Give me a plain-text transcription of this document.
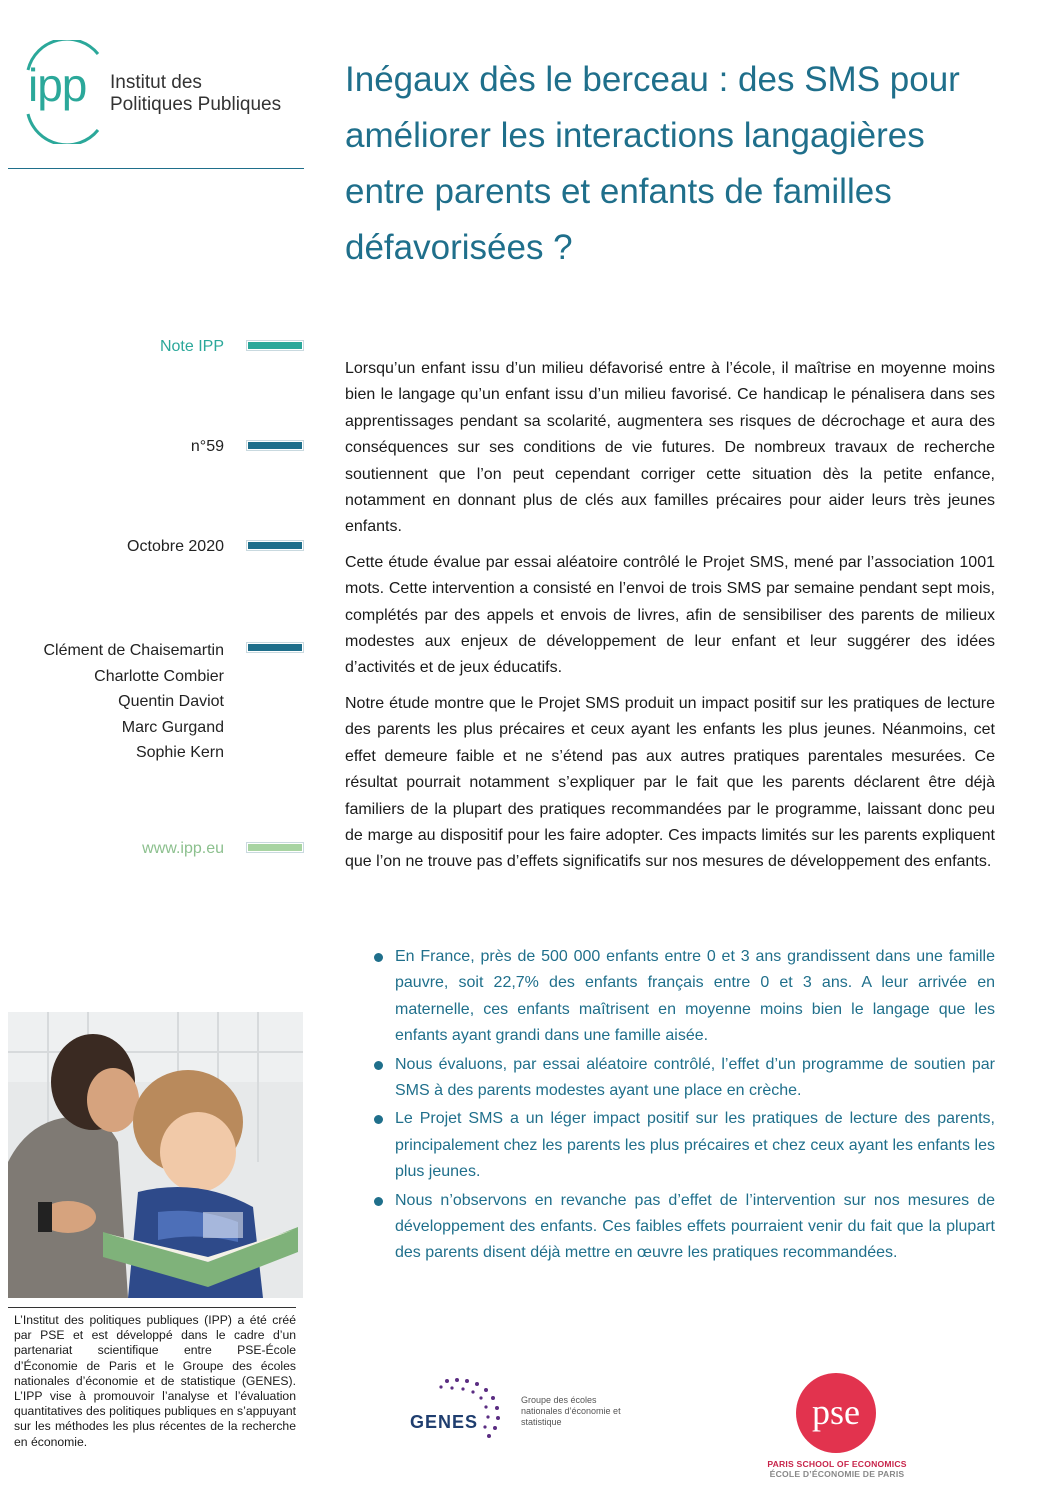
ipp Institut des
Politiques Publiques
Inégaux dès le berceau : des SMS pour améliorer les interactions langagières entre parents et enfants de familles défavorisées ?
Note IPP
n°59
Octobre 2020
Clément de Chaisemartin
Charlotte Combier
Quentin Daviot
Marc Gurgand
Sophie Kern
www.ipp.eu

Lorsqu’un enfant issu d’un milieu défavorisé entre à l’école, il maîtrise en moyenne moins bien le langage qu’un enfant issu d’un milieu favorisé. Ce handicap le pénalisera dans ses apprentissages pendant sa scolarité, augmentera ses risques de décrochage et aura des conséquences sur ses conditions de vie futures. De nombreux travaux de recherche soutiennent que l’on peut cependant corriger cette situation dès la petite enfance, notamment en donnant plus de clés aux familles précaires pour aider leurs très jeunes enfants.

Cette étude évalue par essai aléatoire contrôlé le Projet SMS, mené par l’association 1001 mots. Cette intervention a consisté en l’envoi de trois SMS par semaine pendant sept mois, complétés par des appels et envois de livres, afin de sensibiliser des parents de milieux modestes aux enjeux de développement de leur enfant et leur suggérer des idées d’activités et de jeux éducatifs.

Notre étude montre que le Projet SMS produit un impact positif sur les pratiques de lecture des parents les plus précaires et ceux ayant les enfants les plus jeunes. Néanmoins, cet effet demeure faible et ne s’étend pas aux autres pratiques parentales mesurées. Ce résultat pourrait notamment s’expliquer par le fait que les parents déclarent être déjà familiers de la plupart des pratiques recommandées par le programme, laissant donc peu de marge au dispositif pour les faire adopter. Ces impacts limités sur les parents expliquent que l’on ne trouve pas d’effets significatifs sur nos mesures de développement des enfants.

En France, près de 500 000 enfants entre 0 et 3 ans grandissent dans une famille pauvre, soit 22,7% des enfants français entre 0 et 3 ans. A leur arrivée en maternelle, ces enfants maîtrisent en moyenne moins bien le langage que les enfants ayant grandi dans une famille aisée.
Nous évaluons, par essai aléatoire contrôlé, l’effet d’un programme de soutien par SMS à des parents modestes ayant une place en crèche.
Le Projet SMS a un léger impact positif sur les pratiques de lecture des parents, principalement chez les parents les plus précaires et chez ceux ayant les enfants les plus jeunes.
Nous n’observons en revanche pas d’effet de l’intervention sur nos mesures de développement des enfants. Ces faibles effets pourraient venir du fait que la plupart des parents disent déjà mettre en œuvre les pratiques recommandées.
L’Institut des politiques publiques (IPP) a été créé par PSE et est développé dans le cadre d’un partenariat scientifique entre PSE-École d’Économie de Paris et le Groupe des écoles nationales d’économie et de statistique (GENES). L’IPP vise à promouvoir l’analyse et l’évaluation quantitatives des politiques publiques en s’appuyant sur les méthodes les plus récentes de la recherche en économie.
GENES
Groupe des écoles nationales d’économie et statistique	pse
PARIS SCHOOL OF ECONOMICS
ÉCOLE D’ÉCONOMIE DE PARIS
